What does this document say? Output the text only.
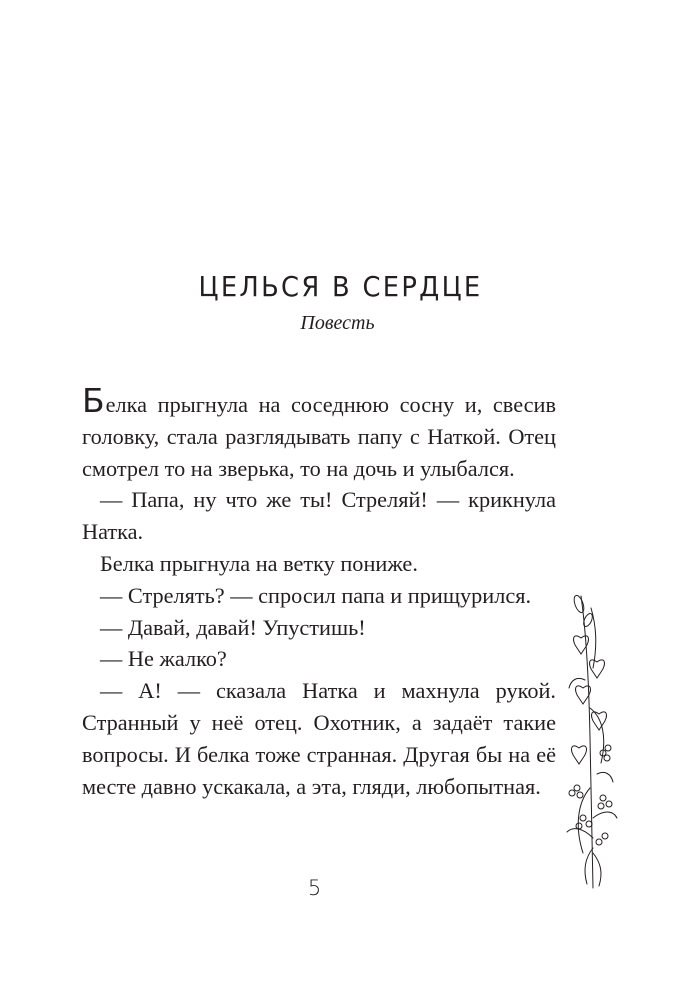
ЦЕЛЬСЯ В СЕРДЦЕ
Повесть

Белка прыгнула на соседнюю сосну и, свесив головку, стала разглядывать папу с Наткой. Отец смотрел то на зверька, то на дочь и улыбался.

— Папа, ну что же ты! Стреляй! — крикнула Натка.

Белка прыгнула на ветку пониже.

— Стрелять? — спросил папа и прищурился.

— Давай, давай! Упустишь!

— Не жалко?

— А! — сказала Натка и махнула рукой. Странный у неё отец. Охотник, а задаёт такие вопросы. И белка тоже странная. Другая бы на её месте давно ускакала, а эта, гляди, любопытная.

5
